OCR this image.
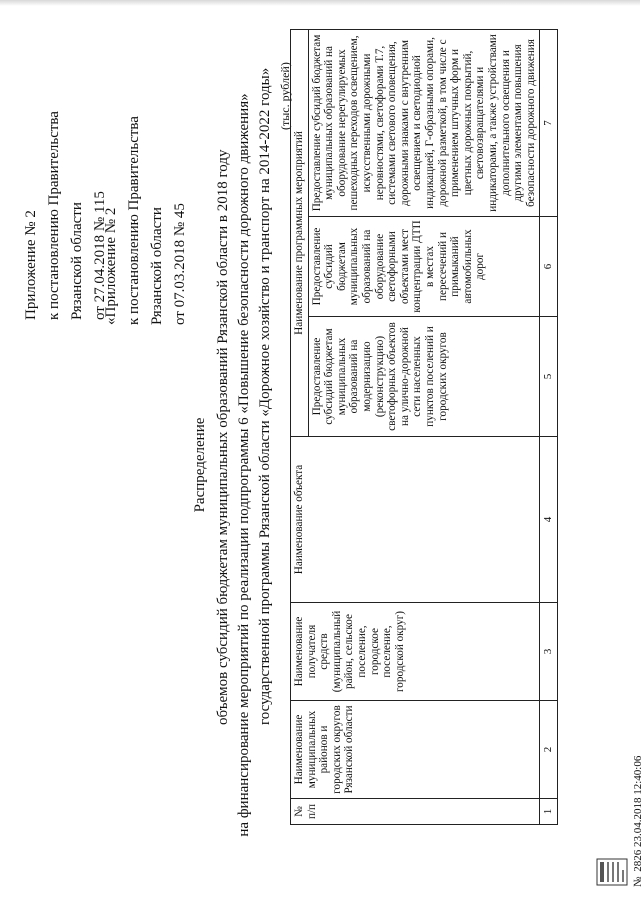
Приложение № 2 к постановлению Правительства Рязанской области от 27.04.2018 № 115
«Приложение № 2 к постановлению Правительства Рязанской области от 07.03.2018 № 45
Распределение объемов субсидий бюджетам муниципальных образований Рязанской области в 2018 году на финансирование мероприятий по реализации подпрограммы 6 «Повышение безопасности дорожного движения» государственной программы Рязанской области «Дорожное хозяйство и транспорт на 2014-2022 годы» (тыс. рублей)
№ п/п	Наименование муниципальных районов и городских округов Рязанской области	Наименование получателя средств (муниципальный район, сельское поселение, городское поселение, городской округ)	Наименование объекта	Наименование программных мероприятий		
				Предоставление субсидий бюджетам муниципальных образований на модернизацию (реконструкцию) светофорных объектов на улично-дорожной сети населенных пунктов поселений и городских округов	Предоставление субсидий бюджетам муниципальных образований на оборудование светофорными объектами мест концентрации ДТП в местах пересечений и примыканий автомобильных дорог	Предоставление субсидий бюджетам муниципальных образований на оборудование нерегулируемых пешеходных переходов освещением, искусственными дорожными неровностями, светофорами Т.7, системами светового оповещения, дорожными знаками с внутренним освещением и светодиодной индикацией, Г-образными опорами, дорожной разметкой, в том числе с применением штучных форм и цветных дорожных покрытий, световозвращателями и индикаторами, а также устройствами дополнительного освещения и другими элементами повышения безопасности дорожного движения
1	2	3	4	5	6	7
№ 2826 23.04.2018 12:40:06
